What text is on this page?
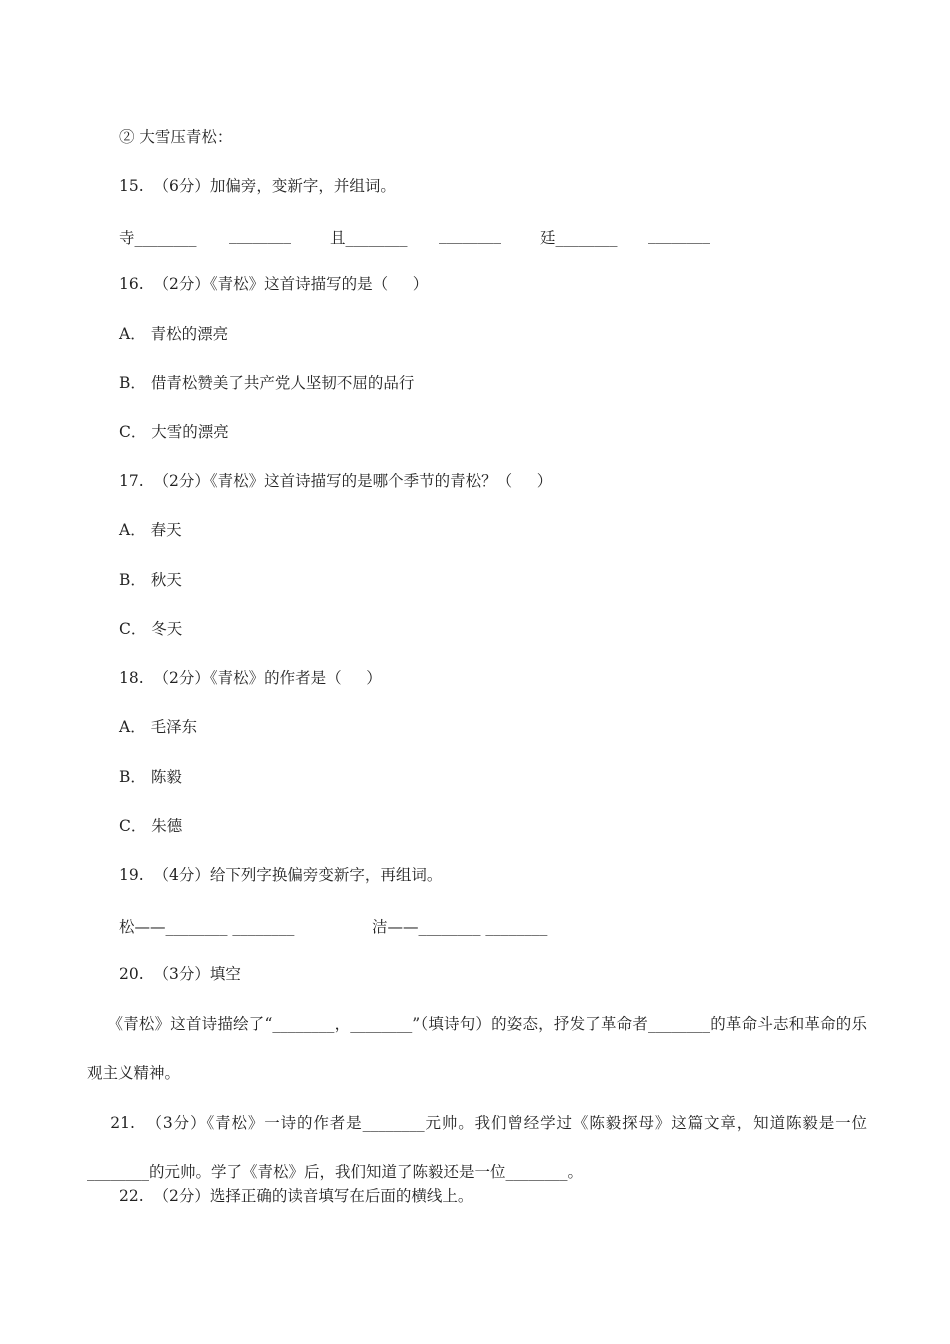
② 大雪压青松：
15.  （6分）加偏旁，变新字，并组词。
寺________ ________	且________ ________	廷________ ________
16.  （2分）《青松》这首诗描写的是（     ）
A． 青松的漂亮
B． 借青松赞美了共产党人坚韧不屈的品行
C． 大雪的漂亮
17.  （2分）《青松》这首诗描写的是哪个季节的青松？（     ）
A． 春天
B． 秋天
C． 冬天
18.  （2分）《青松》的作者是（     ）
A． 毛泽东
B． 陈毅
C． 朱德
19.  （4分）给下列字换偏旁变新字，再组词。
松——________ ________	洁——________ ________
20.  （3分）填空
《青松》这首诗描绘了“________，________”（填诗句）的姿态，抒发了革命者________的革命斗志和革命的乐观主义精神。
21.  （3分）《青松》一诗的作者是________元帅。我们曾经学过《陈毅探母》这篇文章，知道陈毅是一位________的元帅。学了《青松》后，我们知道了陈毅还是一位________。
22.  （2分）选择正确的读音填写在后面的横线上。
